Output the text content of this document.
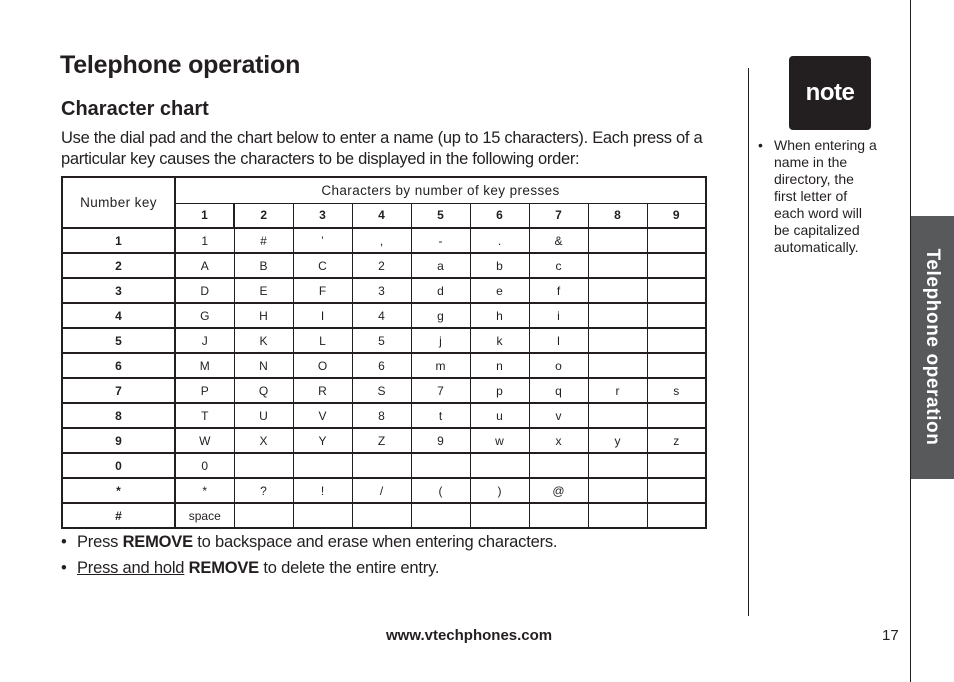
Telephone operation
Character chart
Use the dial pad and the chart below to enter a name (up to 15 characters). Each press of a particular key causes the characters to be displayed in the following order:
Number key	Characters by number of key presses								
	1	2	3	4	5	6	7	8	9
1	1	#	’	,	-	.	&		
2	A	B	C	2	a	b	c		
3	D	E	F	3	d	e	f		
4	G	H	I	4	g	h	i		
5	J	K	L	5	j	k	l		
6	M	N	O	6	m	n	o		
7	P	Q	R	S	7	p	q	r	s
8	T	U	V	8	t	u	v		
9	W	X	Y	Z	9	w	x	y	z
0	0								
*	*	?	!	/	(	)	@		
#	space								
• Press REMOVE to backspace and erase when entering characters.
• Press and hold REMOVE to delete the entire entry.
note
• When entering a name in the directory, the first letter of each word will be capitalized automatically.

Telephone operation
www.vtechphones.com	17
